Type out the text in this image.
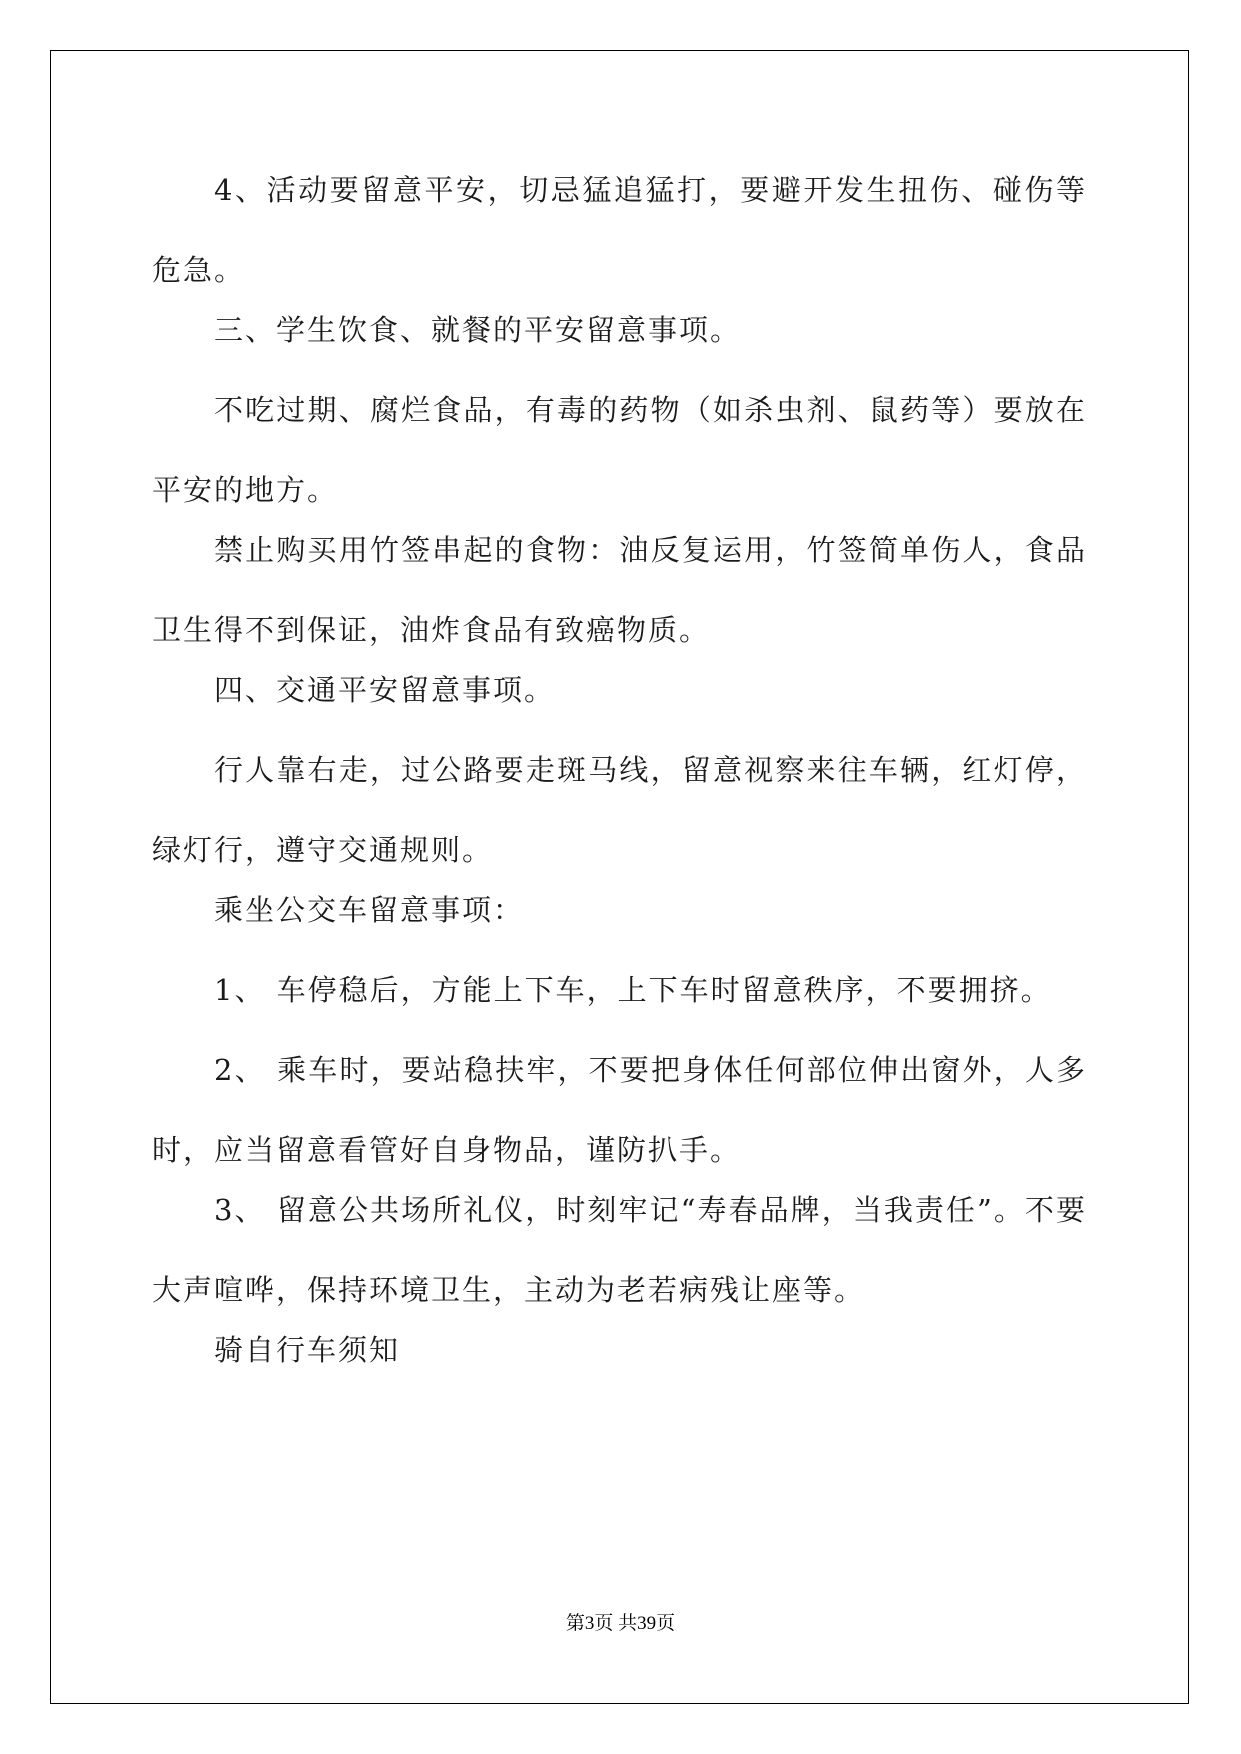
4、活动要留意平安，切忌猛追猛打，要避开发生扭伤、碰伤等危急。

三、学生饮食、就餐的平安留意事项。

不吃过期、腐烂食品，有毒的药物（如杀虫剂、鼠药等）要放在平安的地方。

禁止购买用竹签串起的食物：油反复运用，竹签简单伤人，食品卫生得不到保证，油炸食品有致癌物质。

四、交通平安留意事项。

行人靠右走，过公路要走斑马线，留意视察来往车辆，红灯停，绿灯行，遵守交通规则。

乘坐公交车留意事项：

1、 车停稳后，方能上下车，上下车时留意秩序，不要拥挤。

2、 乘车时，要站稳扶牢，不要把身体任何部位伸出窗外，人多时，应当留意看管好自身物品，谨防扒手。

3、 留意公共场所礼仪，时刻牢记“寿春品牌，当我责任”。不要大声喧哗，保持环境卫生，主动为老若病残让座等。

骑自行车须知

第3页 共39页
